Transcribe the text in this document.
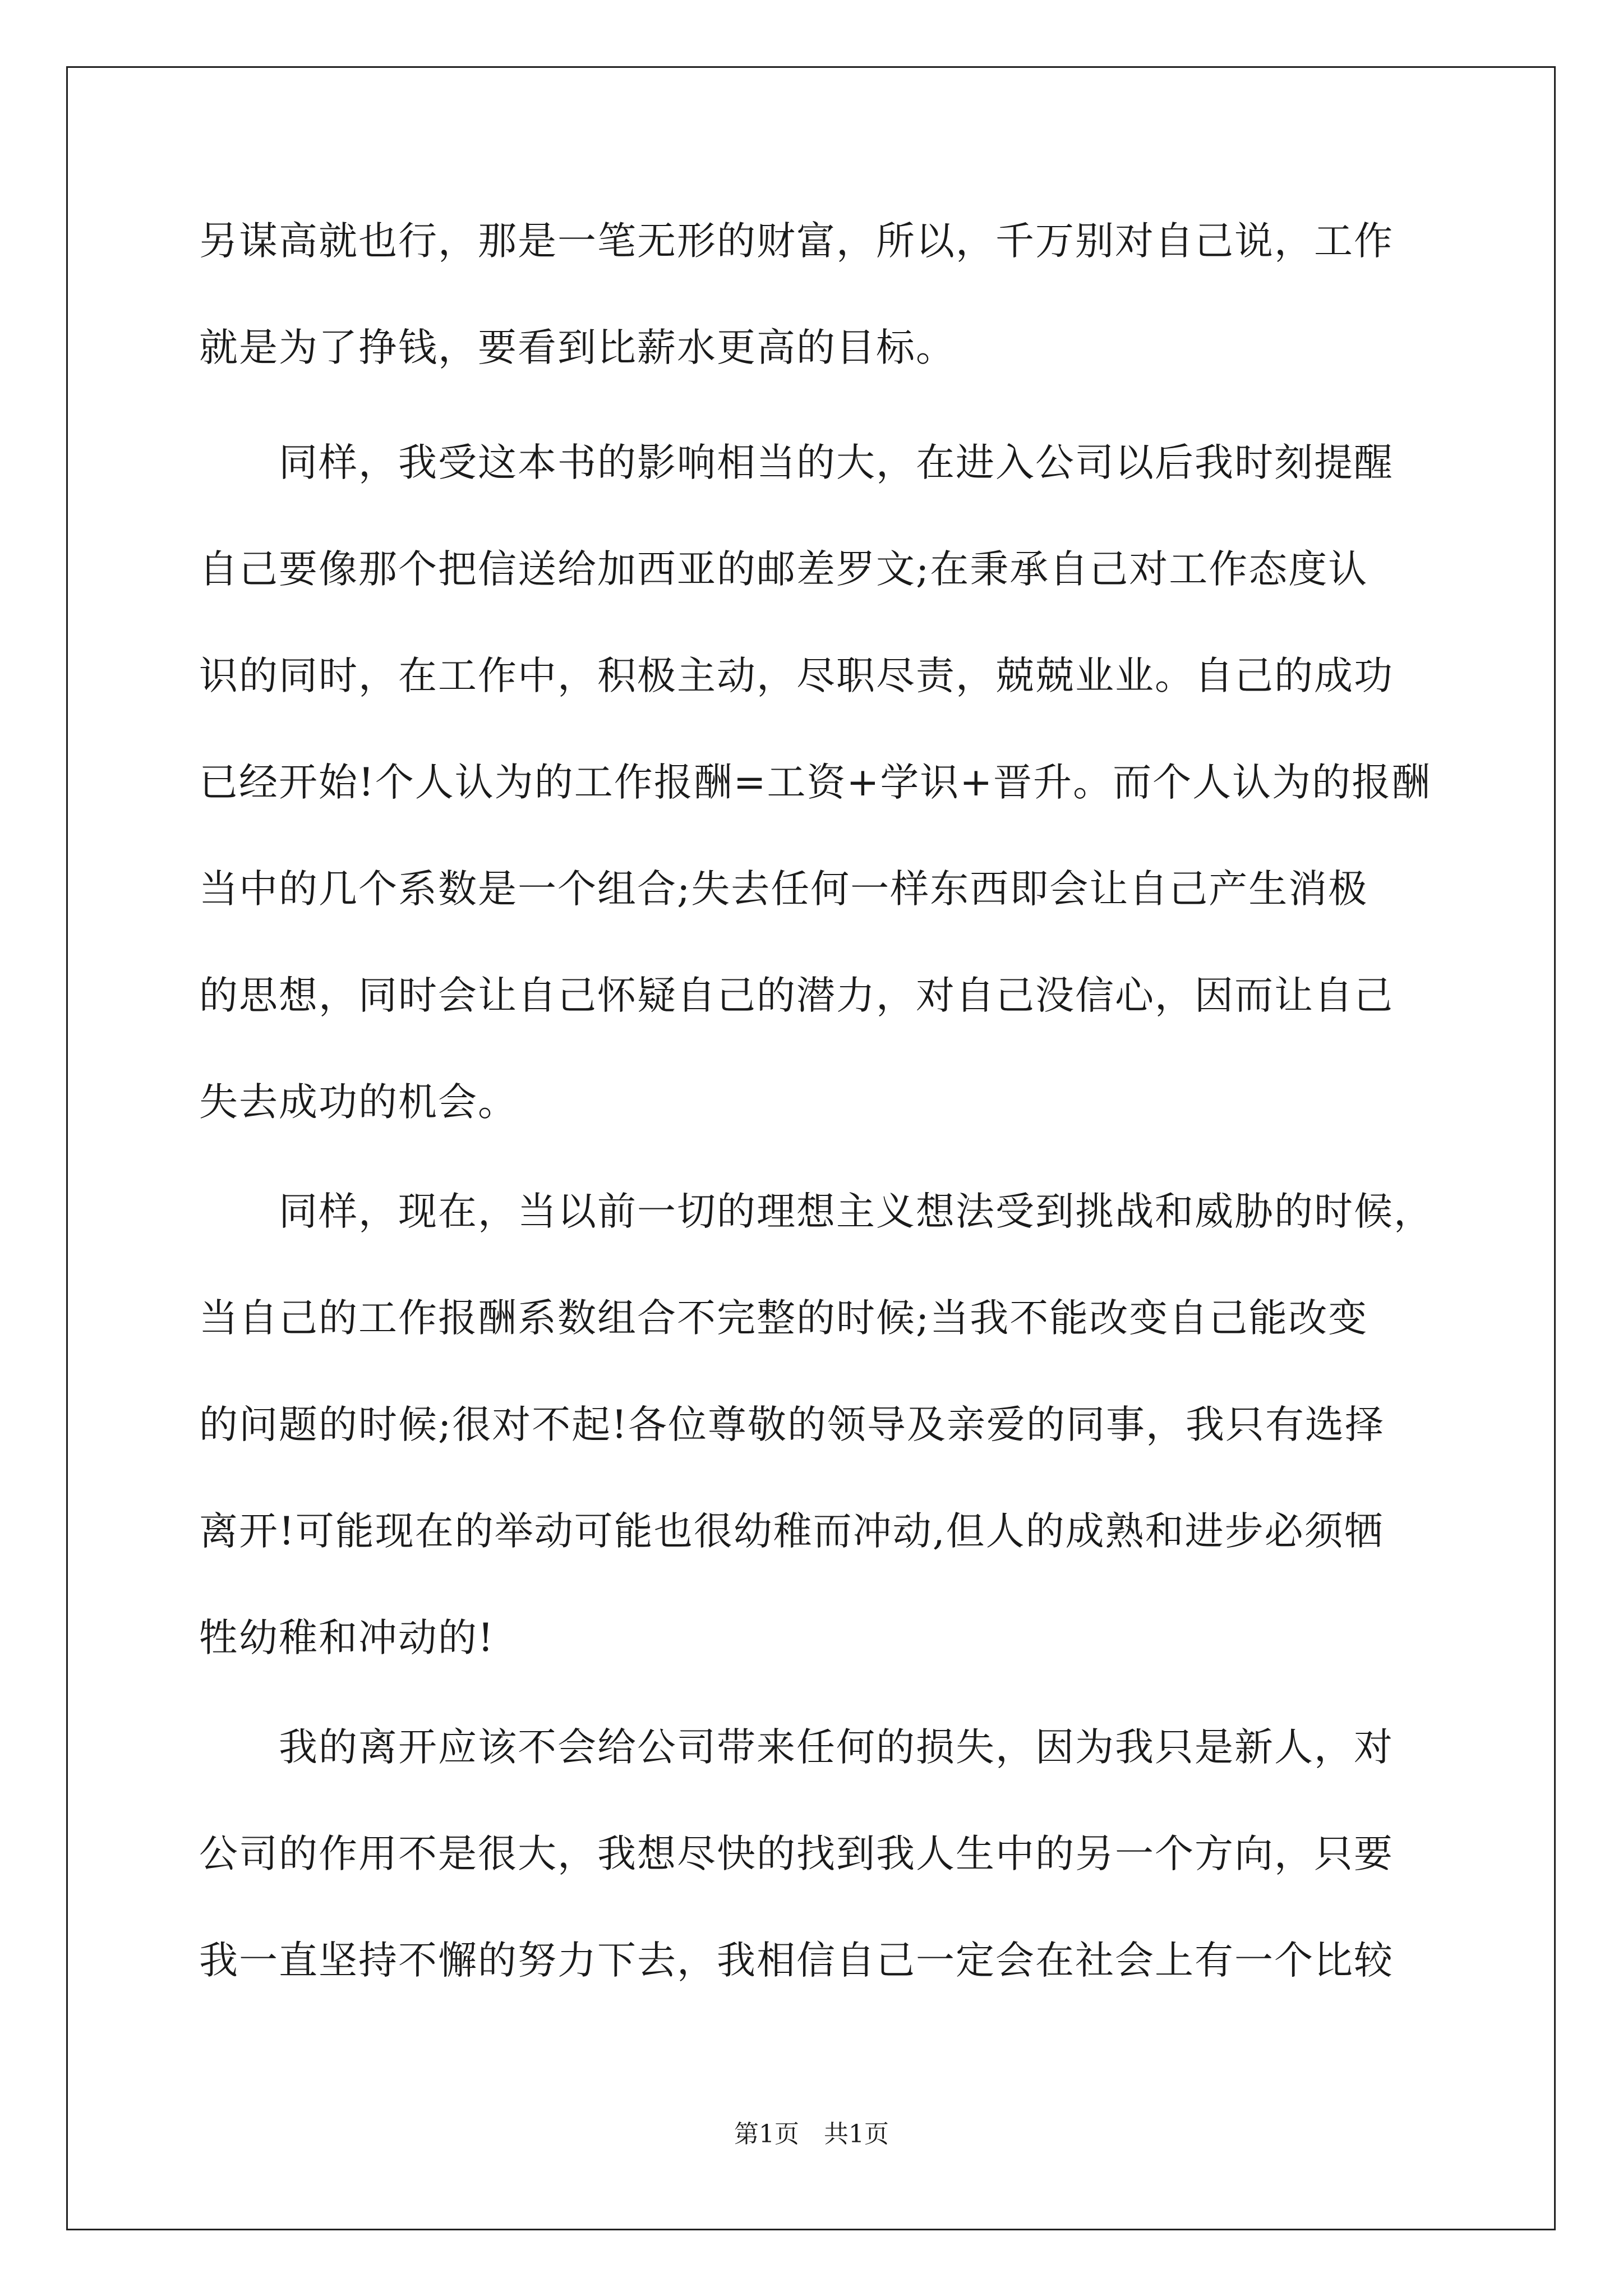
另谋高就也行，那是一笔无形的财富，所以，千万别对自己说，工作
就是为了挣钱，要看到比薪水更高的目标。
　　同样，我受这本书的影响相当的大，在进入公司以后我时刻提醒
自己要像那个把信送给加西亚的邮差罗文;在秉承自己对工作态度认
识的同时，在工作中，积极主动，尽职尽责，兢兢业业。自己的成功
已经开始!个人认为的工作报酬=工资+学识+晋升。而个人认为的报酬
当中的几个系数是一个组合;失去任何一样东西即会让自己产生消极
的思想，同时会让自己怀疑自己的潜力，对自己没信心，因而让自己
失去成功的机会。
　　同样，现在，当以前一切的理想主义想法受到挑战和威胁的时候，
当自己的工作报酬系数组合不完整的时候;当我不能改变自己能改变
的问题的时候;很对不起!各位尊敬的领导及亲爱的同事，我只有选择
离开!可能现在的举动可能也很幼稚而冲动,但人的成熟和进步必须牺
牲幼稚和冲动的!
　　我的离开应该不会给公司带来任何的损失，因为我只是新人，对
公司的作用不是很大，我想尽快的找到我人生中的另一个方向，只要
我一直坚持不懈的努力下去，我相信自己一定会在社会上有一个比较
第1页　共1页
